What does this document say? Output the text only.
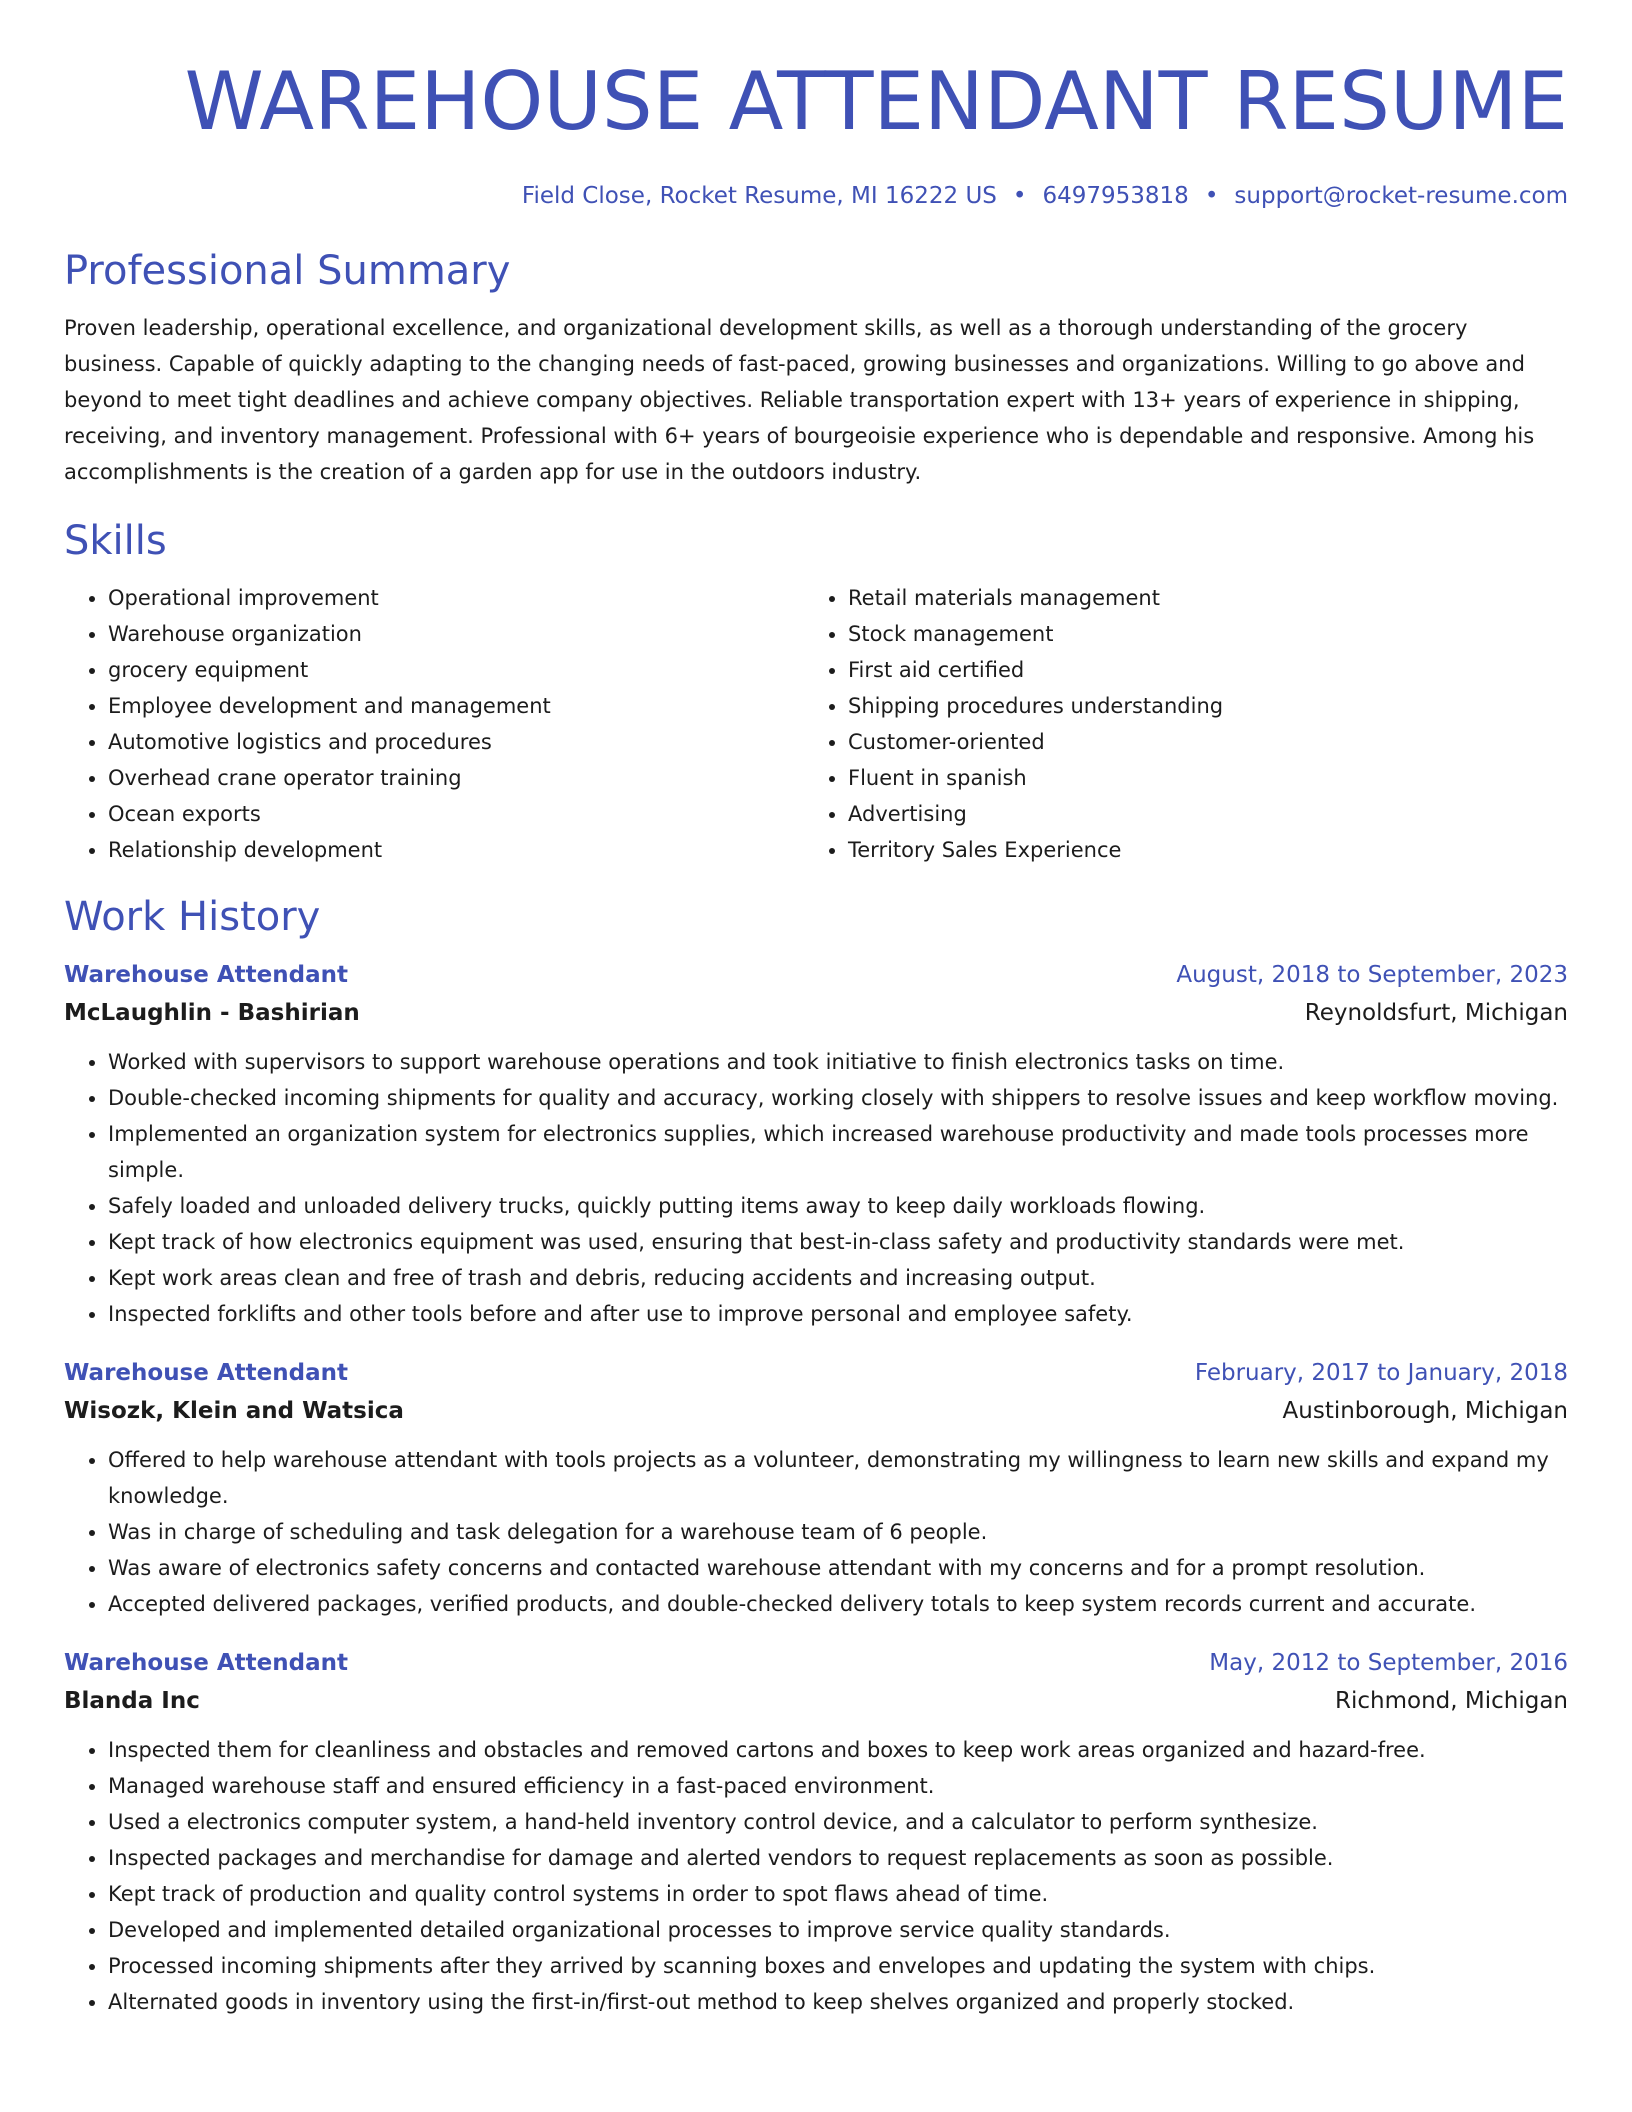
WAREHOUSE ATTENDANT RESUME
Field Close, Rocket Resume, MI 16222 US • 6497953818 • support@rocket-resume.com
Professional Summary
Proven leadership, operational excellence, and organizational development skills, as well as a thorough understanding of the grocery business. Capable of quickly adapting to the changing needs of fast-paced, growing businesses and organizations. Willing to go above and beyond to meet tight deadlines and achieve company objectives. Reliable transportation expert with 13+ years of experience in shipping, receiving, and inventory management. Professional with 6+ years of bourgeoisie experience who is dependable and responsive. Among his accomplishments is the creation of a garden app for use in the outdoors industry.
Skills
• Operational improvement
• Warehouse organization
• grocery equipment
• Employee development and management
• Automotive logistics and procedures
• Overhead crane operator training
• Ocean exports
• Relationship development
• Retail materials management
• Stock management
• First aid certified
• Shipping procedures understanding
• Customer-oriented
• Fluent in spanish
• Advertising
• Territory Sales Experience
Work History
Warehouse Attendant	August, 2018 to September, 2023
McLaughlin - Bashirian	Reynoldsfurt, Michigan
• Worked with supervisors to support warehouse operations and took initiative to finish electronics tasks on time.
• Double-checked incoming shipments for quality and accuracy, working closely with shippers to resolve issues and keep workflow moving.
• Implemented an organization system for electronics supplies, which increased warehouse productivity and made tools processes more simple.
• Safely loaded and unloaded delivery trucks, quickly putting items away to keep daily workloads flowing.
• Kept track of how electronics equipment was used, ensuring that best-in-class safety and productivity standards were met.
• Kept work areas clean and free of trash and debris, reducing accidents and increasing output.
• Inspected forklifts and other tools before and after use to improve personal and employee safety.
Warehouse Attendant	February, 2017 to January, 2018
Wisozk, Klein and Watsica	Austinborough, Michigan
• Offered to help warehouse attendant with tools projects as a volunteer, demonstrating my willingness to learn new skills and expand my knowledge.
• Was in charge of scheduling and task delegation for a warehouse team of 6 people.
• Was aware of electronics safety concerns and contacted warehouse attendant with my concerns and for a prompt resolution.
• Accepted delivered packages, verified products, and double-checked delivery totals to keep system records current and accurate.
Warehouse Attendant	May, 2012 to September, 2016
Blanda Inc	Richmond, Michigan
• Inspected them for cleanliness and obstacles and removed cartons and boxes to keep work areas organized and hazard-free.
• Managed warehouse staff and ensured efficiency in a fast-paced environment.
• Used a electronics computer system, a hand-held inventory control device, and a calculator to perform synthesize.
• Inspected packages and merchandise for damage and alerted vendors to request replacements as soon as possible.
• Kept track of production and quality control systems in order to spot flaws ahead of time.
• Developed and implemented detailed organizational processes to improve service quality standards.
• Processed incoming shipments after they arrived by scanning boxes and envelopes and updating the system with chips.
• Alternated goods in inventory using the first-in/first-out method to keep shelves organized and properly stocked.
